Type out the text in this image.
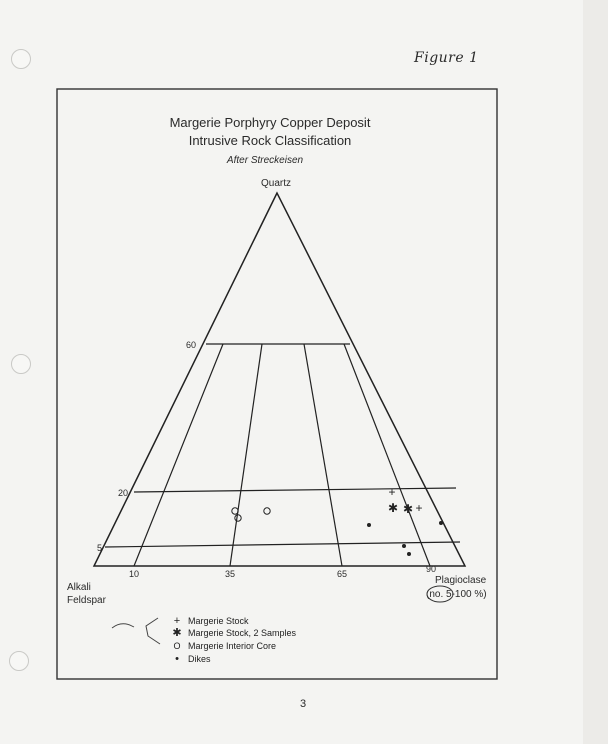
Figure 1
Margerie Porphyry Copper Deposit
Intrusive Rock Classification
After Streckeisen
Quartz
60
20
5
10	35	65	90
Alkali
Feldspar
Plagioclase
(no. 5-100 %)
+
+
✱ ✱
+ Margerie Stock
✱ Margerie Stock, 2 Samples
O Margerie Interior Core
• Dikes
3
